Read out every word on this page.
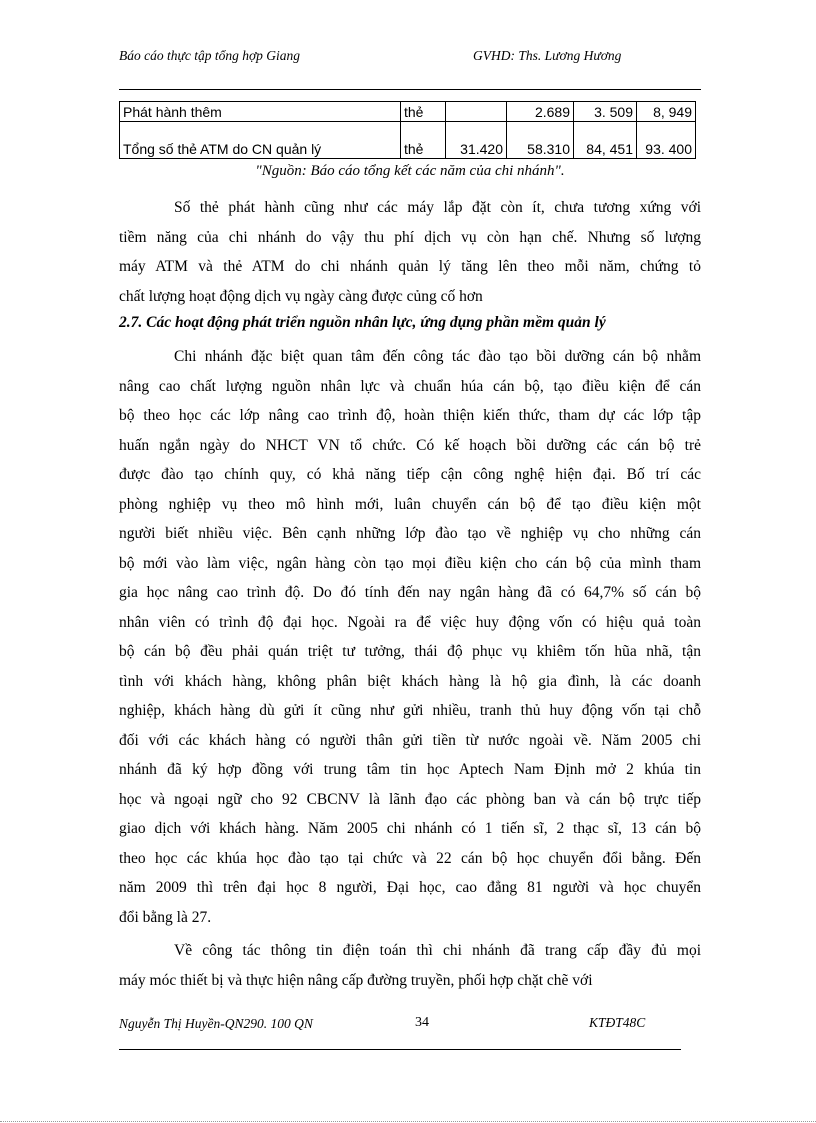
Báo cáo thực tập tổng hợp Giang	GVHD: Ths. Lương Hương
Phát hành thêm	thẻ		2.689	3. 509	8, 949
Tổng số thẻ ATM do CN quản lý	thẻ	31.420	58.310	84, 451	93. 400
"Nguồn: Báo cáo tổng kết các năm của chi nhánh".
Số thẻ phát hành cũng như các máy lắp đặt còn ít, chưa tương xứng với
tiềm năng của chi nhánh do vậy thu phí dịch vụ còn hạn chế. Nhưng số lượng
máy ATM và thẻ ATM do chi nhánh quản lý tăng lên theo mỗi năm, chứng tỏ
chất lượng hoạt động dịch vụ ngày càng được củng cố hơn
2.7. Các hoạt động phát triển nguồn nhân lực, ứng dụng phần mềm quản lý
Chi nhánh đặc biệt quan tâm đến công tác đào tạo bồi dưỡng cán bộ nhằm
nâng cao chất lượng nguồn nhân lực và chuẩn húa cán bộ, tạo điều kiện để cán
bộ theo học các lớp nâng cao trình độ, hoàn thiện kiến thức, tham dự các lớp tập
huấn ngắn ngày do NHCT VN tổ chức. Có kế hoạch bồi dưỡng các cán bộ trẻ
được đào tạo chính quy, có khả năng tiếp cận công nghệ hiện đại. Bố trí các
phòng nghiệp vụ theo mô hình mới, luân chuyển cán bộ để tạo điều kiện một
người biết nhiều việc. Bên cạnh những lớp đào tạo về nghiệp vụ cho những cán
bộ mới vào làm việc, ngân hàng còn tạo mọi điều kiện cho cán bộ của mình tham
gia học nâng cao trình độ. Do đó tính đến nay ngân hàng đã có 64,7% số cán bộ
nhân viên có trình độ đại học. Ngoài ra để việc huy động vốn có hiệu quả toàn
bộ cán bộ đều phải quán triệt tư tưởng, thái độ phục vụ khiêm tốn hũa nhã, tận
tình với khách hàng, không phân biệt khách hàng là hộ gia đình, là các doanh
nghiệp, khách hàng dù gửi ít cũng như gửi nhiều, tranh thủ huy động vốn tại chỗ
đối với các khách hàng có người thân gửi tiền từ nước ngoài về. Năm 2005 chi
nhánh đã ký hợp đồng với trung tâm tin học Aptech Nam Định mở 2 khúa tin
học và ngoại ngữ cho 92 CBCNV là lãnh đạo các phòng ban và cán bộ trực tiếp
giao dịch với khách hàng. Năm 2005 chi nhánh có 1 tiến sĩ, 2 thạc sĩ, 13 cán bộ
theo học các khúa học đào tạo tại chức và 22 cán bộ học chuyển đổi bằng. Đến
năm 2009 thì trên đại học 8 người, Đại học, cao đẳng 81 người và học chuyển
đổi bằng là 27.
Về công tác thông tin điện toán thì chi nhánh đã trang cấp đầy đủ mọi
máy móc thiết bị và thực hiện nâng cấp đường truyền, phối hợp chặt chẽ với
Nguyễn Thị Huyền-QN290. 100 QN	34	KTĐT48C
